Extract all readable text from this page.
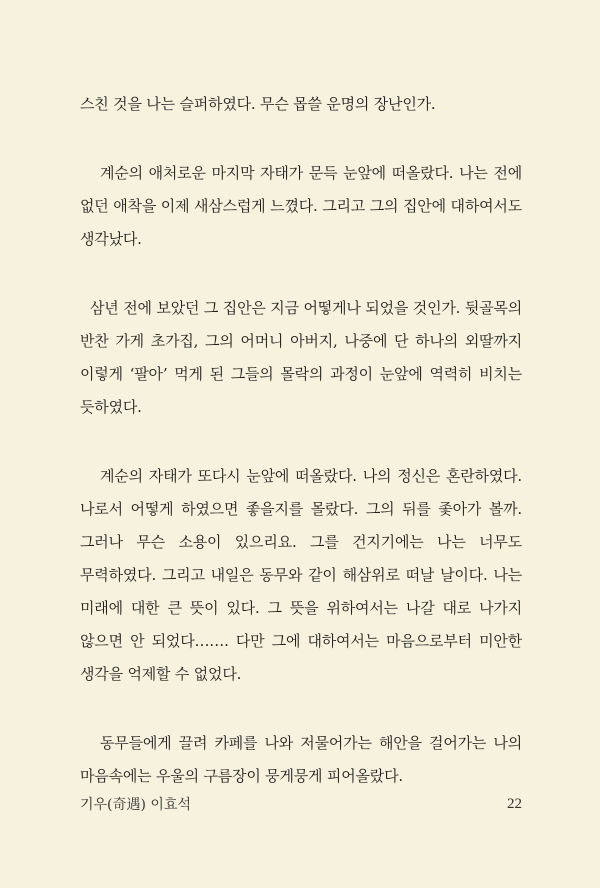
스친 것을 나는 슬퍼하였다. 무슨 몹쓸 운명의 장난인가.

계순의 애처로운 마지막 자태가 문득 눈앞에 떠올랐다. 나는 전에 없던 애착을 이제 새삼스럽게 느꼈다. 그리고 그의 집안에 대하여서도 생각났다.

삼년 전에 보았던 그 집안은 지금 어떻게나 되었을 것인가. 뒷골목의 반찬 가게 초가집, 그의 어머니 아버지, 나중에 단 하나의 외딸까지 이렇게 ‘팔아’ 먹게 된 그들의 몰락의 과정이 눈앞에 역력히 비치는 듯하였다.

계순의 자태가 또다시 눈앞에 떠올랐다. 나의 정신은 혼란하였다. 나로서 어떻게 하였으면 좋을지를 몰랐다. 그의 뒤를 좇아가 볼까. 그러나 무슨 소용이 있으리요. 그를 건지기에는 나는 너무도 무력하였다. 그리고 내일은 동무와 같이 해삼위로 떠날 날이다. 나는 미래에 대한 큰 뜻이 있다. 그 뜻을 위하여서는 나갈 대로 나가지 않으면 안 되었다……. 다만 그에 대하여서는 마음으로부터 미안한 생각을 억제할 수 없었다.

동무들에게 끌려 카페를 나와 저물어가는 해안을 걸어가는 나의 마음속에는 우울의 구름장이 뭉게뭉게 피어올랐다.

기우(奇遇) 이효석	22
